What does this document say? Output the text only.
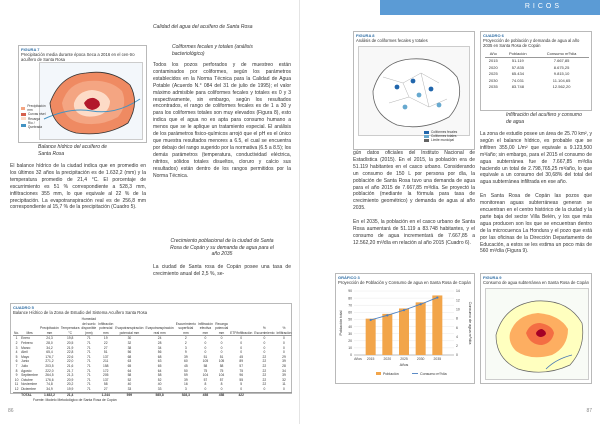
FIGURA 7
Precipitación media durante época Seca a 2016 en el cen-tro acuífero de Santa Rosa
Precipitación mm
Curvas nivel
Recarga
Río / Quebrada
Balance hídrico del acuífero de Santa Rosa
El balance hídrico de la ciudad indica que en promedio en los últimos 32 años la precipitación es de 1.632,2 (mm) y la temperatura promedio de 21,4 °C. El porcentaje de escurrimiento es 51 % correspondiente a 528,3 mm, infiltraciones 355 mm, lo que equivale al 22 % de la precipitación. La evapotranspiración real es de 256,8 mm correspondiente al 15,7 % de la precipitación (Cuadro 5).
Calidad del agua del acuífero de Santa Rosa
Coliformes fecales y totales (análisis bacteriológico)
Todos los pozos perforados y de muestreo están contaminados por coliformes, según los parámetros establecidos en la Norma Técnica para la Calidad de Agua Potable (Acuerdo N.° 084 del 31 de julio de 1995); el valor máximo admisible para coliformes fecales y totales es 0 y 3 respectivamente, sin embargo, según los resultados encontrados, el rango de coliformes fecales es de 1 a 30 y para los coliformes totales son muy elevados (Figura 8), esto indica que el agua no es apta para consumo humano a menos que se le aplique un tratamiento especial. El análisis de los parámetros fisico-químicos arrojó que el pH es el único que muestra resultados menores a 6.5, el cual se encuentra por debajo del rango sugerido por la normativa (6.5 a 8.5); los demás parámetros (temperatura, conductividad eléctrica, nitritos, sólidos totales disueltos, cloruro y calcio sus resultados) están dentro de los rangos permitidos por la Norma Técnica.
Crecimiento poblacional de la ciudad de Santa Rosa de Copán y su demanda de agua para el año 2035
La ciudad de Santa rosa de Copán posee una tasa de crecimiento anual del 2,5 %, se-
CUADRO 5
Balance Hídrico de la Zona de Estudio del Sistema Acuífero Santa Rosa
No.	Mes	Precipitación mm	Temperatura °C	Humedad del suelo disponible (mm)	Infiltración potencial mm	Evapotranspiración potencial mm	Evapotranspiración real mm	Escurrimiento superficial mm	Infiltración efectiva mm	Recarga potencial mm	ETP/infiltración	% Escurrimiento	% Infiltración
1	Enero	24,3	19,8	71	19	30	24	2	0	0	0	0	0
2	Febrero	28,0	20,5	71	22	32	28	2	0	0	0	0	0
3	Marzo	34,2	21,9	71	27	38	34	3	0	0	0	0	0
4	Abril	65,4	22,8	71	51	56	56	9	0	0	0	0	0
5	Mayo	176,7	22,6	71	137	68	68	39	51	51	45	22	29
6	Junio	271,2	22,0	71	211	63	63	60	105	105	89	22	39
7	Julio	203,5	21,6	71	158	65	65	45	58	58	57	22	28
8	Agosto	222,0	21,7	71	172	64	64	50	75	75	75	22	34
9	Septiembre	264,5	21,3	71	205	58	58	59	104	104	96	22	39
10	Octubre	176,6	20,9	71	137	52	52	39	57	57	55	22	32
11	Noviembre	74,8	20,2	71	58	40	40	16	8	8	5	22	11
12	Diciembre	34,9	19,9	71	27	33	33	3	0	0	0	0	0
	TOTAL	1.632,2	21,4		1.244	599	585,8	528,3	458	458	422		
Fuente: Modelo Metodológico de Santa Rosa de Copán
86
FIGURA 8
Análisis de coliformes fecales y totales
Coliformes fecales
Coliformes totales
Límite municipal
CUADRO 6
Proyección de población y demanda de agua al año 2035 en Santa Rosa de Copán
Año	Población	Consumo m³/día
2015	51.119	7.667,85
2020	57.835	8.675,25
2025	65.434	9.815,10
2030	74.031	11.104,65
2035	83.748	12.562,20
Infiltración del acuífero y consumo de agua
gún datos oficiales del Instituto Nacional de Estadística (2015). En el 2015, la población era de 51.119 habitantes en el casco urbano. Considerando un consumo de 150 L por persona por día, la población de Santa Rosa tuvo una demanda de agua para el año 2015 de 7.667,85 m³/día. Se proyectó la población (mediante la fórmula para tasa de crecimiento geométrico) y demanda de agua al año 2035.

En el 2035, la población en el casco urbano de Santa Rosa aumentará de 51.119 a 83.748 habitantes, y el consumo de agua incrementará de 7.667,85 a 12.562,20 m³/día en relación al año 2015 (Cuadro 6).
La zona de estudio posee un área de 25.70 km², y según el balance hídrico, es probable que se infiltren 355,00 L/m² que equivale a 9.123,500 m³/año; sin embargo, para el 2015 el consumo de agua subterránea fue de 7.667,85 m³/día haciendo un total de 2.798,765,25 m³/año, lo que equivale a un consumo del 30,68% del total del agua subterránea infiltrada en ese año.

En Santa Rosa de Copán las pozos que monitorean aguas subterráneas generan se encuentran en el centro histórico de la ciudad y la parte baja del sector Villa Belén, y los que más agua producen son los que se encuentran dentro de la microcuenca La Hondura y el pozo que está por las oficinas de la Dirección Departamento de Educación, a estos se les estima un poco más de 560 m³/día (Figura 9).
GRÁFICO 3
Proyección de Población y Consumo de agua en Santa Rosa de Copán
0
10
20
30
40
50
60
70
80
90
0
2
4
6
8
10
12
14
2015	2020	2025	2030	2035
Población total	Consumo de agua m³/día
Años
Años
Población	Consumo m³/día
FIGURA 9
Consumo de agua subterránea en Santa Rosa de Copán
87
RICOS
